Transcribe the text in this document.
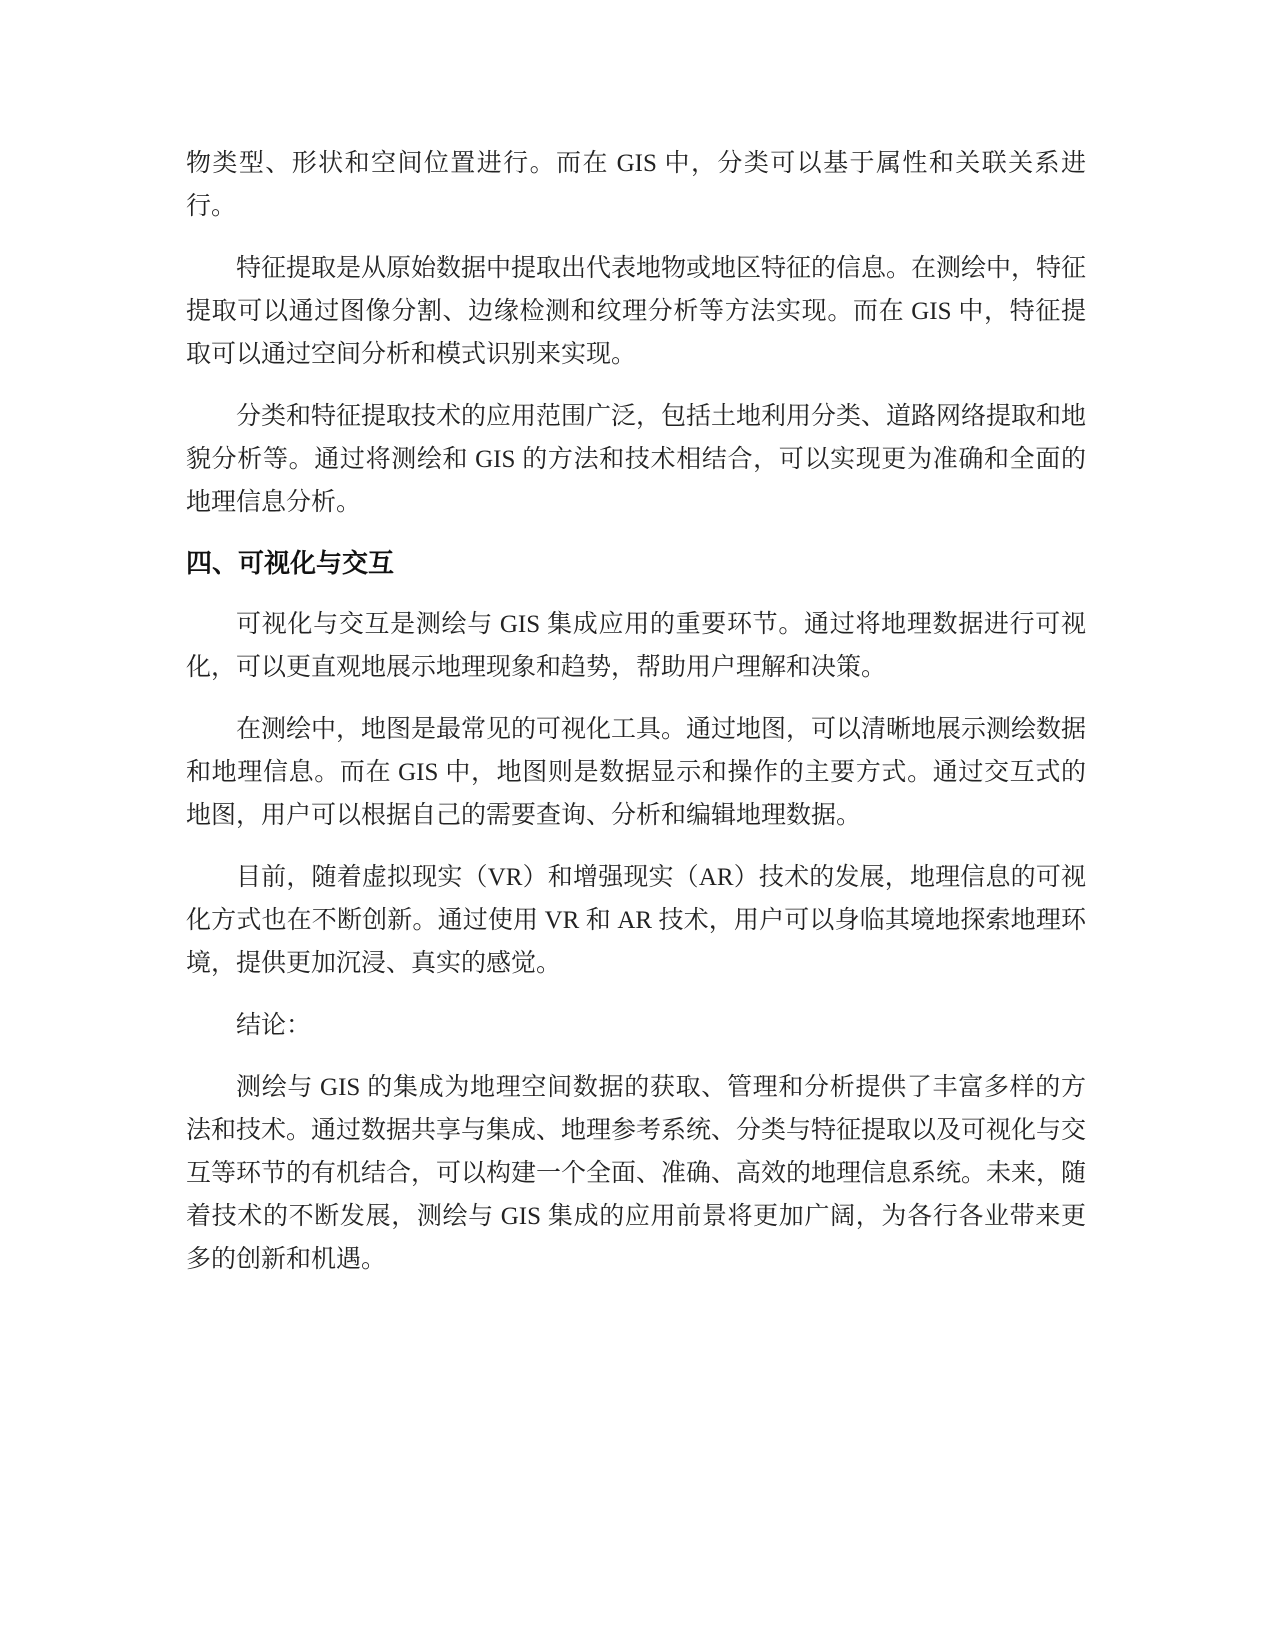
物类型、形状和空间位置进行。而在 GIS 中，分类可以基于属性和关联关系进行。

特征提取是从原始数据中提取出代表地物或地区特征的信息。在测绘中，特征提取可以通过图像分割、边缘检测和纹理分析等方法实现。而在 GIS 中，特征提取可以通过空间分析和模式识别来实现。

分类和特征提取技术的应用范围广泛，包括土地利用分类、道路网络提取和地貌分析等。通过将测绘和 GIS 的方法和技术相结合，可以实现更为准确和全面的地理信息分析。

四、可视化与交互

可视化与交互是测绘与 GIS 集成应用的重要环节。通过将地理数据进行可视化，可以更直观地展示地理现象和趋势，帮助用户理解和决策。

在测绘中，地图是最常见的可视化工具。通过地图，可以清晰地展示测绘数据和地理信息。而在 GIS 中，地图则是数据显示和操作的主要方式。通过交互式的地图，用户可以根据自己的需要查询、分析和编辑地理数据。

目前，随着虚拟现实（VR）和增强现实（AR）技术的发展，地理信息的可视化方式也在不断创新。通过使用 VR 和 AR 技术，用户可以身临其境地探索地理环境，提供更加沉浸、真实的感觉。

结论：

测绘与 GIS 的集成为地理空间数据的获取、管理和分析提供了丰富多样的方法和技术。通过数据共享与集成、地理参考系统、分类与特征提取以及可视化与交互等环节的有机结合，可以构建一个全面、准确、高效的地理信息系统。未来，随着技术的不断发展，测绘与 GIS 集成的应用前景将更加广阔，为各行各业带来更多的创新和机遇。
